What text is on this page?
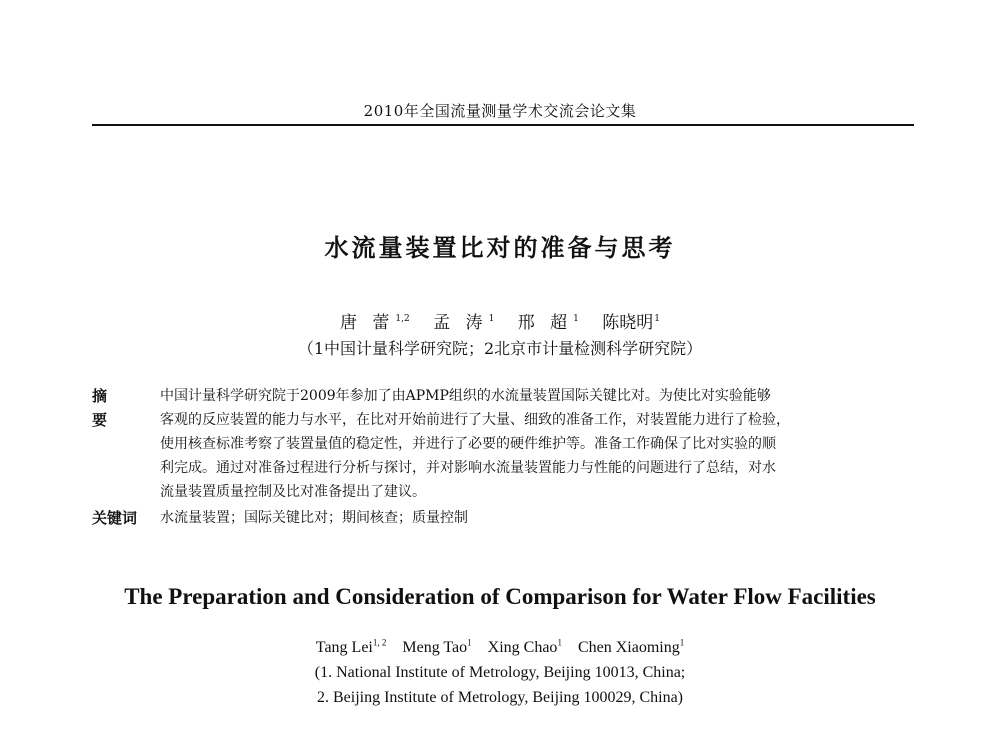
2010年全国流量测量学术交流会论文集
水流量装置比对的准备与思考
唐 蕾$^{1,2}$ 孟 涛$^1$ 邢 超$^1$ 陈晓明$^1$
（1中国计量科学研究院；2北京市计量检测科学研究院）
摘 要
中国计量科学研究院于2009年参加了由APMP组织的水流量装置国际关键比对。为使比对实验能够
客观的反应装置的能力与水平，在比对开始前进行了大量、细致的准备工作，对装置能力进行了检验，
使用核查标准考察了装置量值的稳定性，并进行了必要的硬件维护等。准备工作确保了比对实验的顺
利完成。通过对准备过程进行分析与探讨，并对影响水流量装置能力与性能的问题进行了总结，对水
流量装置质量控制及比对准备提出了建议。
关键词	水流量装置；国际关键比对；期间核查；质量控制
The Preparation and Consideration of Comparison for Water Flow Facilities
Tang Lei$^{1, 2}$ Meng Tao$^1$ Xing Chao$^1$ Chen Xiaoming$^1$
(1. National Institute of Metrology, Beijing 10013, China;
2. Beijing Institute of Metrology, Beijing 100029, China)
